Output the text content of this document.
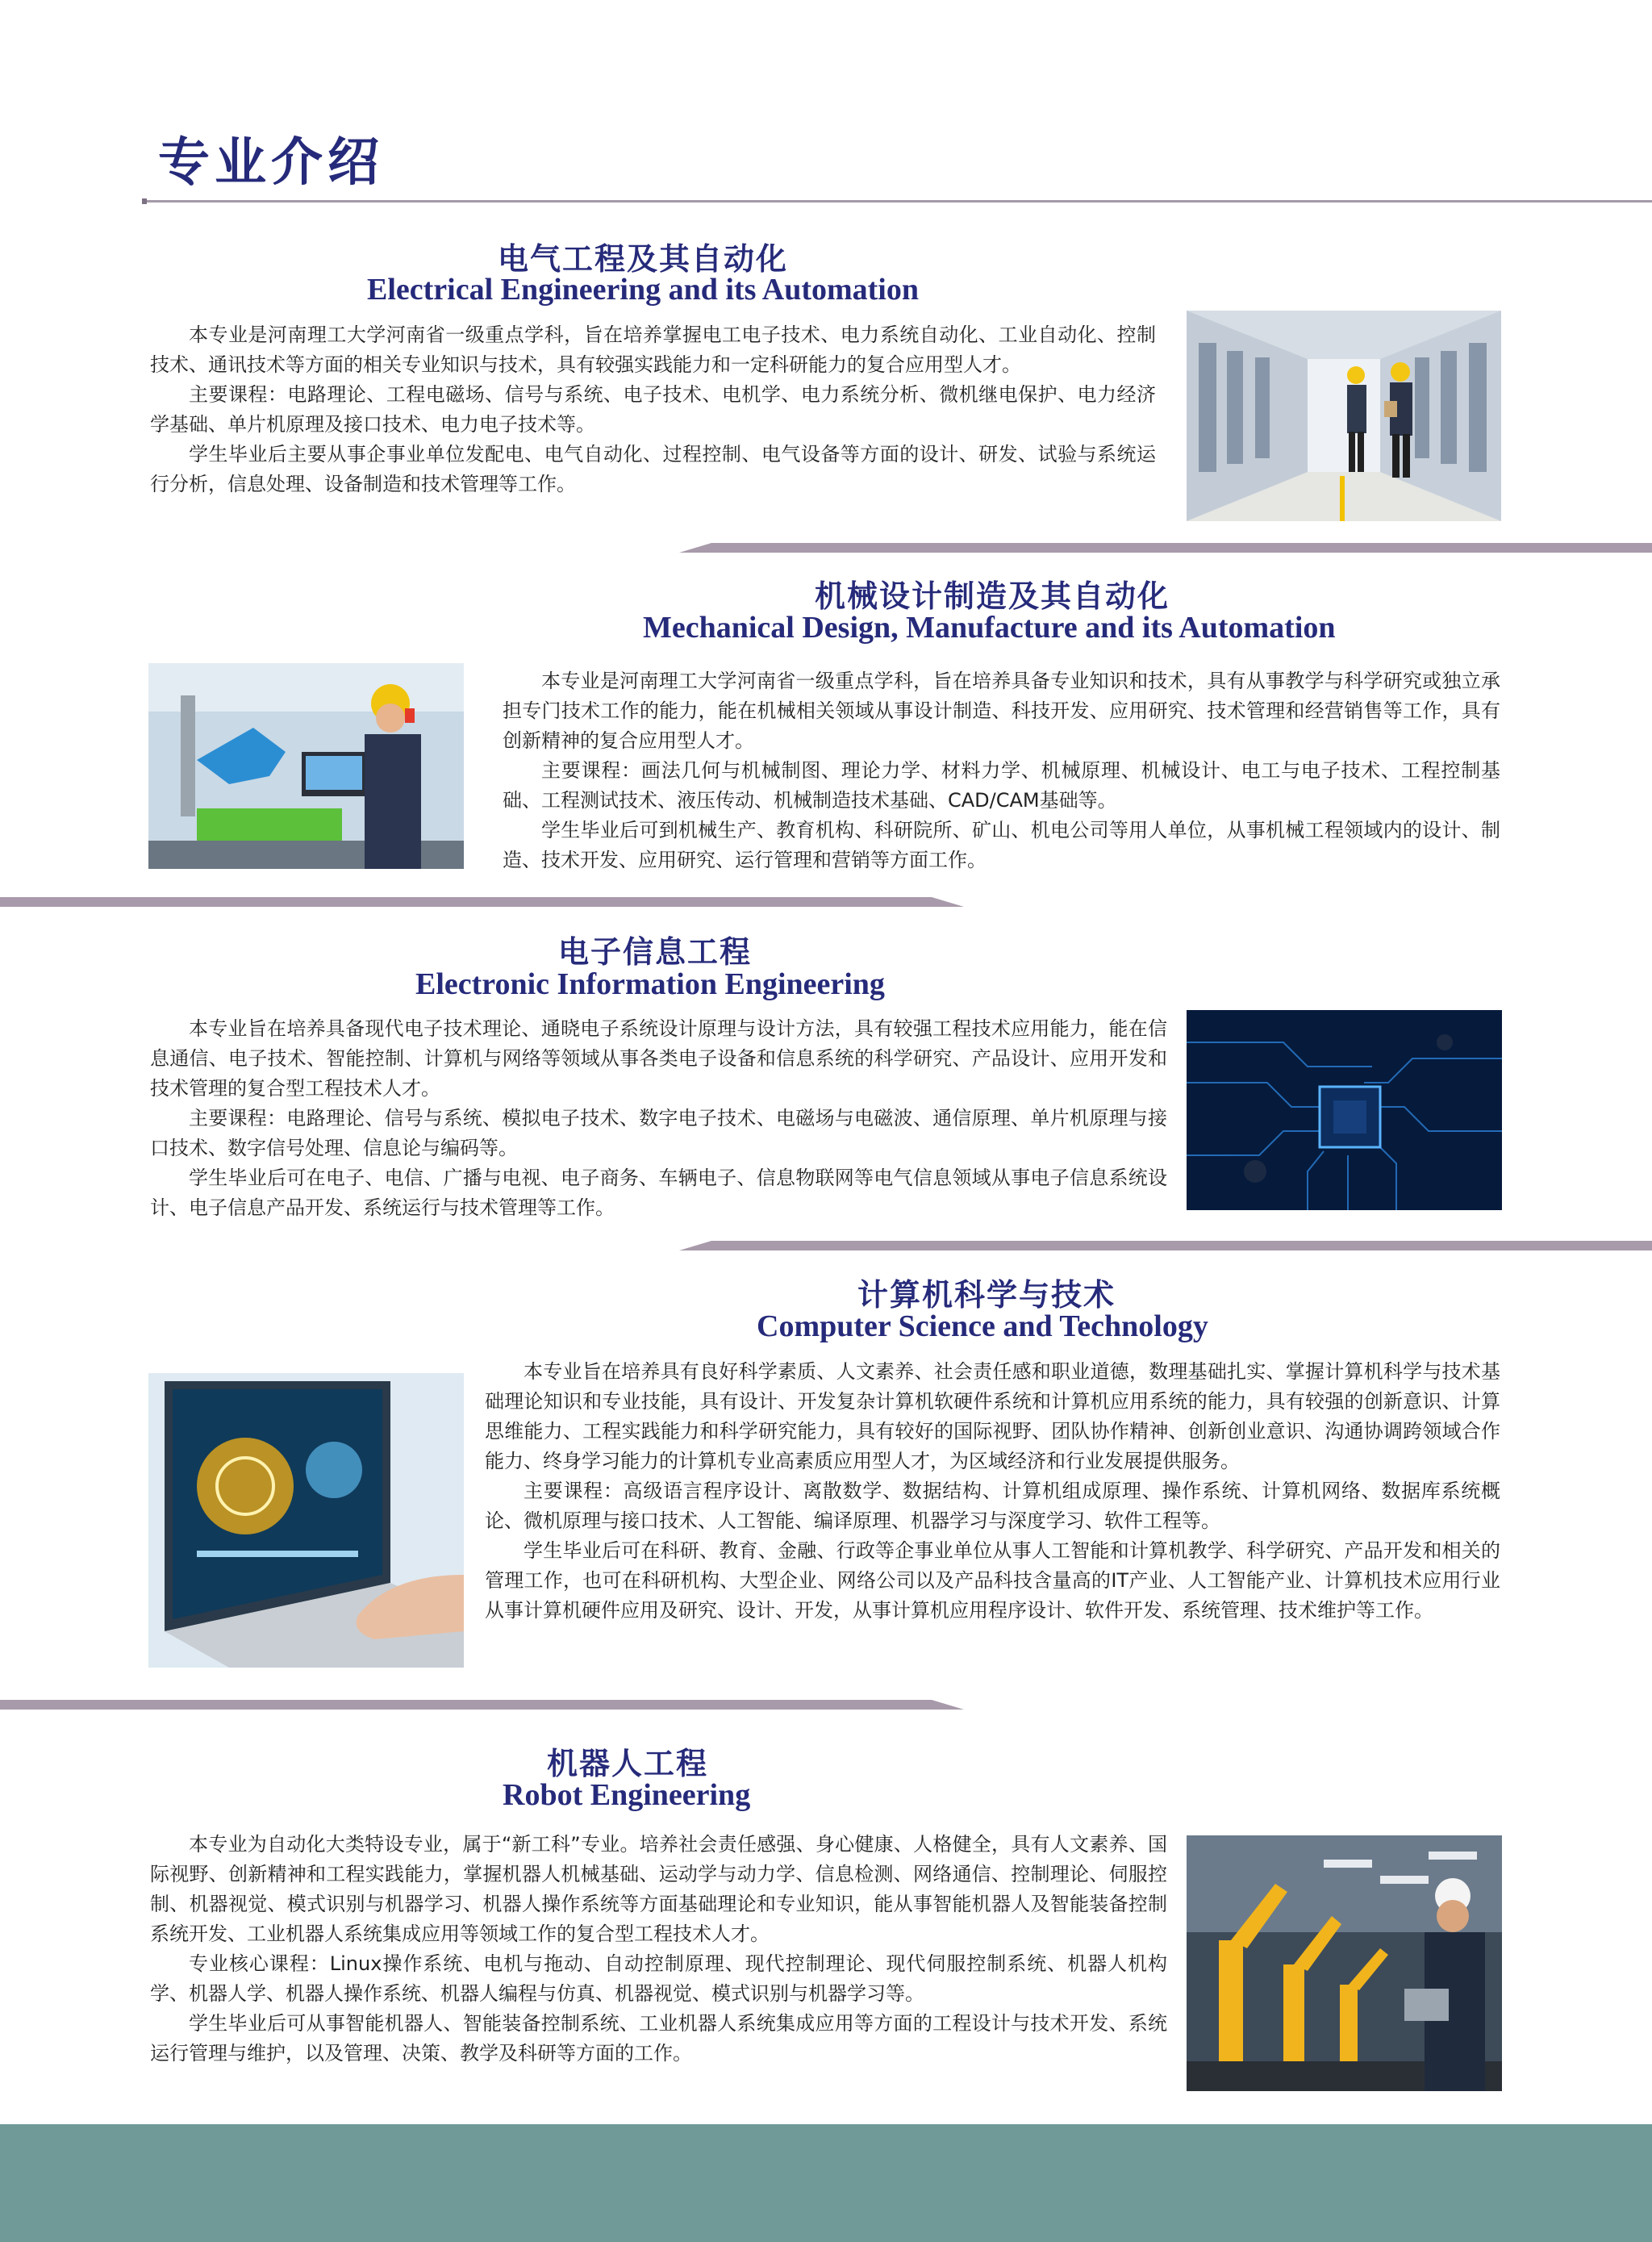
专业介绍
电气工程及其自动化
Electrical Engineering and its Automation

本专业是河南理工大学河南省一级重点学科，旨在培养掌握电工电子技术、电力系统自动化、工业自动化、控制技术、通讯技术等方面的相关专业知识与技术，具有较强实践能力和一定科研能力的复合应用型人才。

主要课程：电路理论、工程电磁场、信号与系统、电子技术、电机学、电力系统分析、微机继电保护、电力经济学基础、单片机原理及接口技术、电力电子技术等。

学生毕业后主要从事企事业单位发配电、电气自动化、过程控制、电气设备等方面的设计、研发、试验与系统运行分析，信息处理、设备制造和技术管理等工作。

机械设计制造及其自动化
Mechanical Design, Manufacture and its Automation

本专业是河南理工大学河南省一级重点学科，旨在培养具备专业知识和技术，具有从事教学与科学研究或独立承担专门技术工作的能力，能在机械相关领域从事设计制造、科技开发、应用研究、技术管理和经营销售等工作，具有创新精神的复合应用型人才。

主要课程：画法几何与机械制图、理论力学、材料力学、机械原理、机械设计、电工与电子技术、工程控制基础、工程测试技术、液压传动、机械制造技术基础、CAD/CAM基础等。

学生毕业后可到机械生产、教育机构、科研院所、矿山、机电公司等用人单位，从事机械工程领域内的设计、制造、技术开发、应用研究、运行管理和营销等方面工作。

电子信息工程
Electronic Information Engineering

本专业旨在培养具备现代电子技术理论、通晓电子系统设计原理与设计方法，具有较强工程技术应用能力，能在信息通信、电子技术、智能控制、计算机与网络等领域从事各类电子设备和信息系统的科学研究、产品设计、应用开发和技术管理的复合型工程技术人才。

主要课程：电路理论、信号与系统、模拟电子技术、数字电子技术、电磁场与电磁波、通信原理、单片机原理与接口技术、数字信号处理、信息论与编码等。

学生毕业后可在电子、电信、广播与电视、电子商务、车辆电子、信息物联网等电气信息领域从事电子信息系统设计、电子信息产品开发、系统运行与技术管理等工作。

计算机科学与技术
Computer Science and Technology

本专业旨在培养具有良好科学素质、人文素养、社会责任感和职业道德，数理基础扎实、掌握计算机科学与技术基础理论知识和专业技能，具有设计、开发复杂计算机软硬件系统和计算机应用系统的能力，具有较强的创新意识、计算思维能力、工程实践能力和科学研究能力，具有较好的国际视野、团队协作精神、创新创业意识、沟通协调跨领域合作能力、终身学习能力的计算机专业高素质应用型人才，为区域经济和行业发展提供服务。

主要课程：高级语言程序设计、离散数学、数据结构、计算机组成原理、操作系统、计算机网络、数据库系统概论、微机原理与接口技术、人工智能、编译原理、机器学习与深度学习、软件工程等。

学生毕业后可在科研、教育、金融、行政等企事业单位从事人工智能和计算机教学、科学研究、产品开发和相关的管理工作，也可在科研机构、大型企业、网络公司以及产品科技含量高的IT产业、人工智能产业、计算机技术应用行业从事计算机硬件应用及研究、设计、开发，从事计算机应用程序设计、软件开发、系统管理、技术维护等工作。

机器人工程
Robot Engineering

本专业为自动化大类特设专业，属于“新工科”专业。培养社会责任感强、身心健康、人格健全，具有人文素养、国际视野、创新精神和工程实践能力，掌握机器人机械基础、运动学与动力学、信息检测、网络通信、控制理论、伺服控制、机器视觉、模式识别与机器学习、机器人操作系统等方面基础理论和专业知识，能从事智能机器人及智能装备控制系统开发、工业机器人系统集成应用等领域工作的复合型工程技术人才。

专业核心课程：Linux操作系统、电机与拖动、自动控制原理、现代控制理论、现代伺服控制系统、机器人机构学、机器人学、机器人操作系统、机器人编程与仿真、机器视觉、模式识别与机器学习等。

学生毕业后可从事智能机器人、智能装备控制系统、工业机器人系统集成应用等方面的工程设计与技术开发、系统运行管理与维护，以及管理、决策、教学及科研等方面的工作。
